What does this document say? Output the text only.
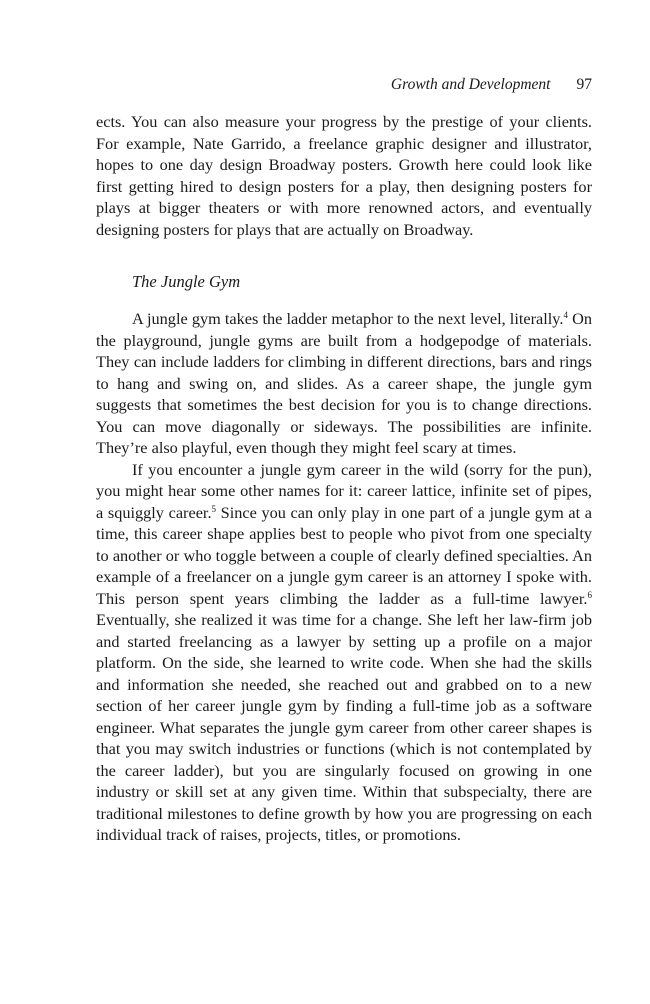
Growth and Development 97

ects. You can also measure your progress by the prestige of your clients. For example, Nate Garrido, a freelance graphic designer and illustrator, hopes to one day design Broadway posters. Growth here could look like first getting hired to design posters for a play, then designing posters for plays at bigger theaters or with more renowned actors, and eventually designing posters for plays that are actually on Broadway.

The Jungle Gym

A jungle gym takes the ladder metaphor to the next level, literally.$^4$ On the playground, jungle gyms are built from a hodgepodge of materials. They can include ladders for climbing in different directions, bars and rings to hang and swing on, and slides. As a career shape, the jungle gym suggests that sometimes the best decision for you is to change directions. You can move diagonally or sideways. The possibilities are infinite. They’re also playful, even though they might feel scary at times.

If you encounter a jungle gym career in the wild (sorry for the pun), you might hear some other names for it: career lattice, infinite set of pipes, a squiggly career.$^5$ Since you can only play in one part of a jungle gym at a time, this career shape applies best to people who pivot from one specialty to another or who toggle between a couple of clearly defined specialties. An example of a freelancer on a jungle gym career is an attorney I spoke with. This person spent years climbing the ladder as a full-time lawyer.$^6$ Eventually, she realized it was time for a change. She left her law-firm job and started freelancing as a lawyer by setting up a profile on a major platform. On the side, she learned to write code. When she had the skills and information she needed, she reached out and grabbed on to a new section of her career jungle gym by finding a full-time job as a software engineer. What separates the jungle gym career from other career shapes is that you may switch industries or functions (which is not contemplated by the career ladder), but you are singularly focused on growing in one industry or skill set at any given time. Within that subspecialty, there are traditional milestones to define growth by how you are progressing on each individual track of raises, projects, titles, or promotions.
